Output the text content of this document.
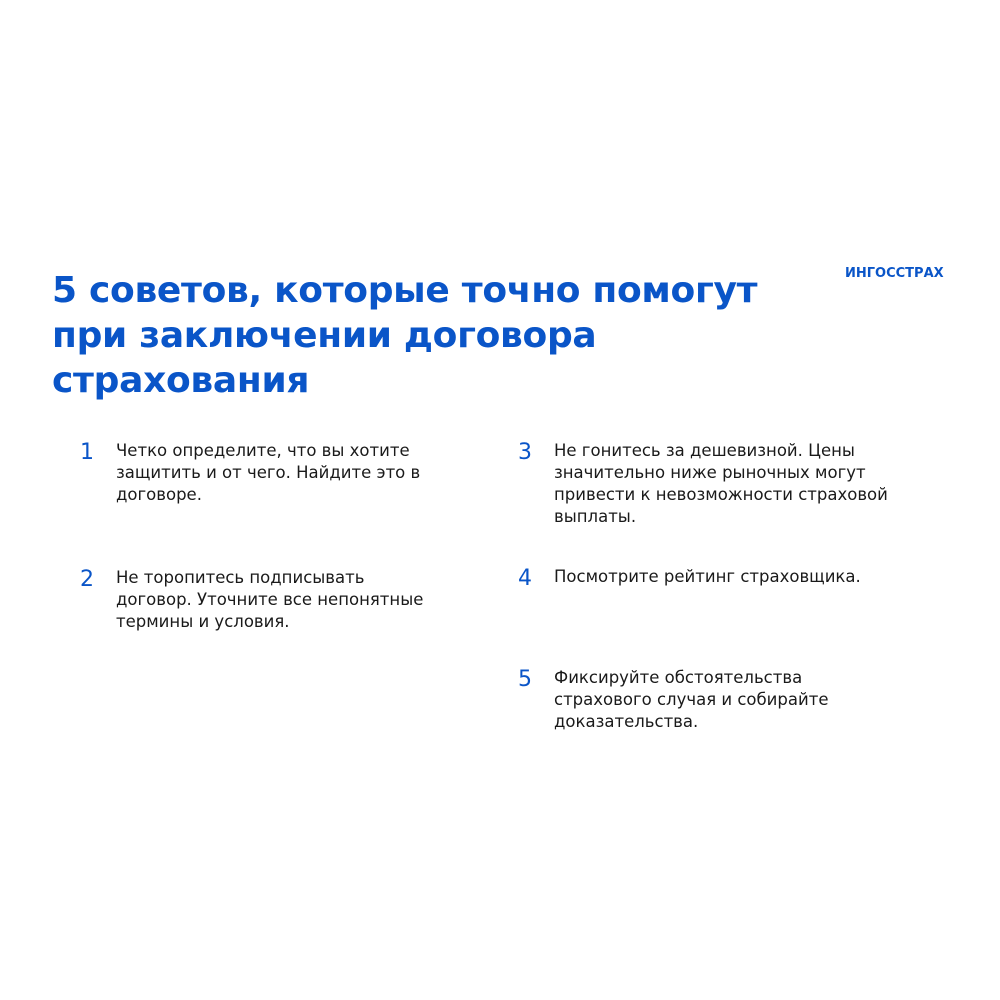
5 советов, которые точно помогут при заключении договора страхования
ИНГОССТРАХ
1 Четко определите, что вы хотите
защитить и от чего. Найдите это в
договоре.
2 Не торопитесь подписывать
договор. Уточните все непонятные
термины и условия.
3 Не гонитесь за дешевизной. Цены
значительно ниже рыночных могут
привести к невозможности страховой
выплаты.
4 Посмотрите рейтинг страховщика.
5 Фиксируйте обстоятельства
страхового случая и собирайте
доказательства.
